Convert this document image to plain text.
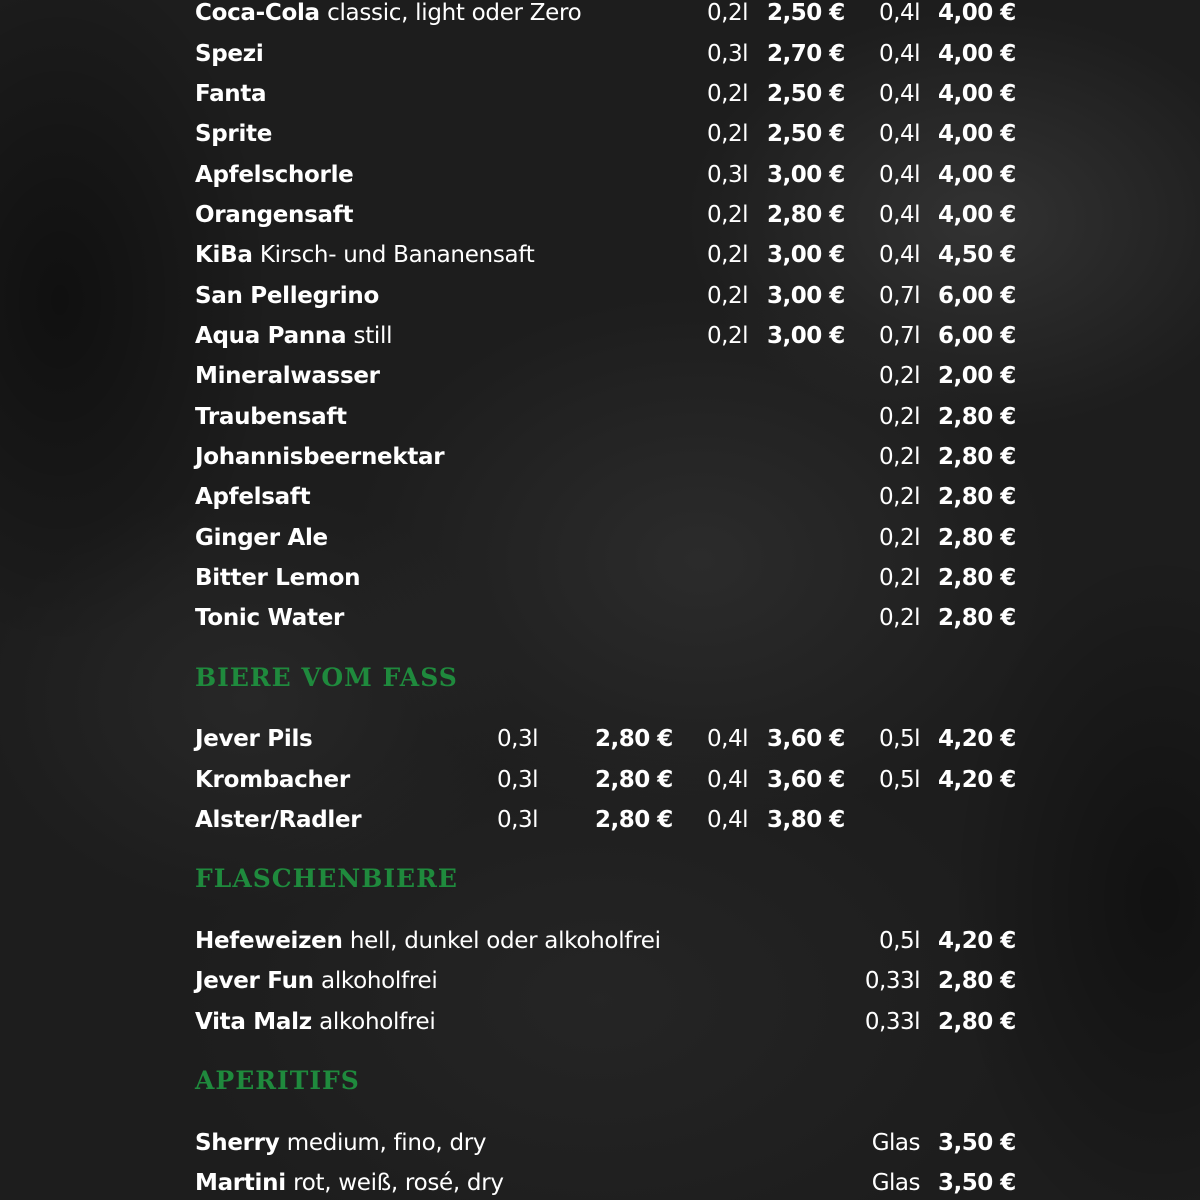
Coca-Cola classic, light oder Zero	0,2l 2,50 €	0,4l 4,00 €
Spezi	0,3l 2,70 €	0,4l 4,00 €
Fanta	0,2l 2,50 €	0,4l 4,00 €
Sprite	0,2l 2,50 €	0,4l 4,00 €
Apfelschorle	0,3l 3,00 €	0,4l 4,00 €
Orangensaft	0,2l 2,80 €	0,4l 4,00 €
KiBa Kirsch- und Bananensaft	0,2l 3,00 €	0,4l 4,50 €
San Pellegrino	0,2l 3,00 €	0,7l 6,00 €
Aqua Panna still	0,2l 3,00 €	0,7l 6,00 €
Mineralwasser	0,2l 2,00 €
Traubensaft	0,2l 2,80 €
Johannisbeernektar	0,2l 2,80 €
Apfelsaft	0,2l 2,80 €
Ginger Ale	0,2l 2,80 €
Bitter Lemon	0,2l 2,80 €
Tonic Water	0,2l 2,80 €
BIERE VOM FASS
Jever Pils	0,3l 2,80 €	0,4l 3,60 €	0,5l 4,20 €
Krombacher	0,3l 2,80 €	0,4l 3,60 €	0,5l 4,20 €
Alster/Radler	0,3l 2,80 €	0,4l 3,80 €
FLASCHENBIERE
Hefeweizen hell, dunkel oder alkoholfrei	0,5l 4,20 €
Jever Fun alkoholfrei	0,33l 2,80 €
Vita Malz alkoholfrei	0,33l 2,80 €
APERITIFS
Sherry medium, fino, dry	Glas 3,50 €
Martini rot, weiß, rosé, dry	Glas 3,50 €
